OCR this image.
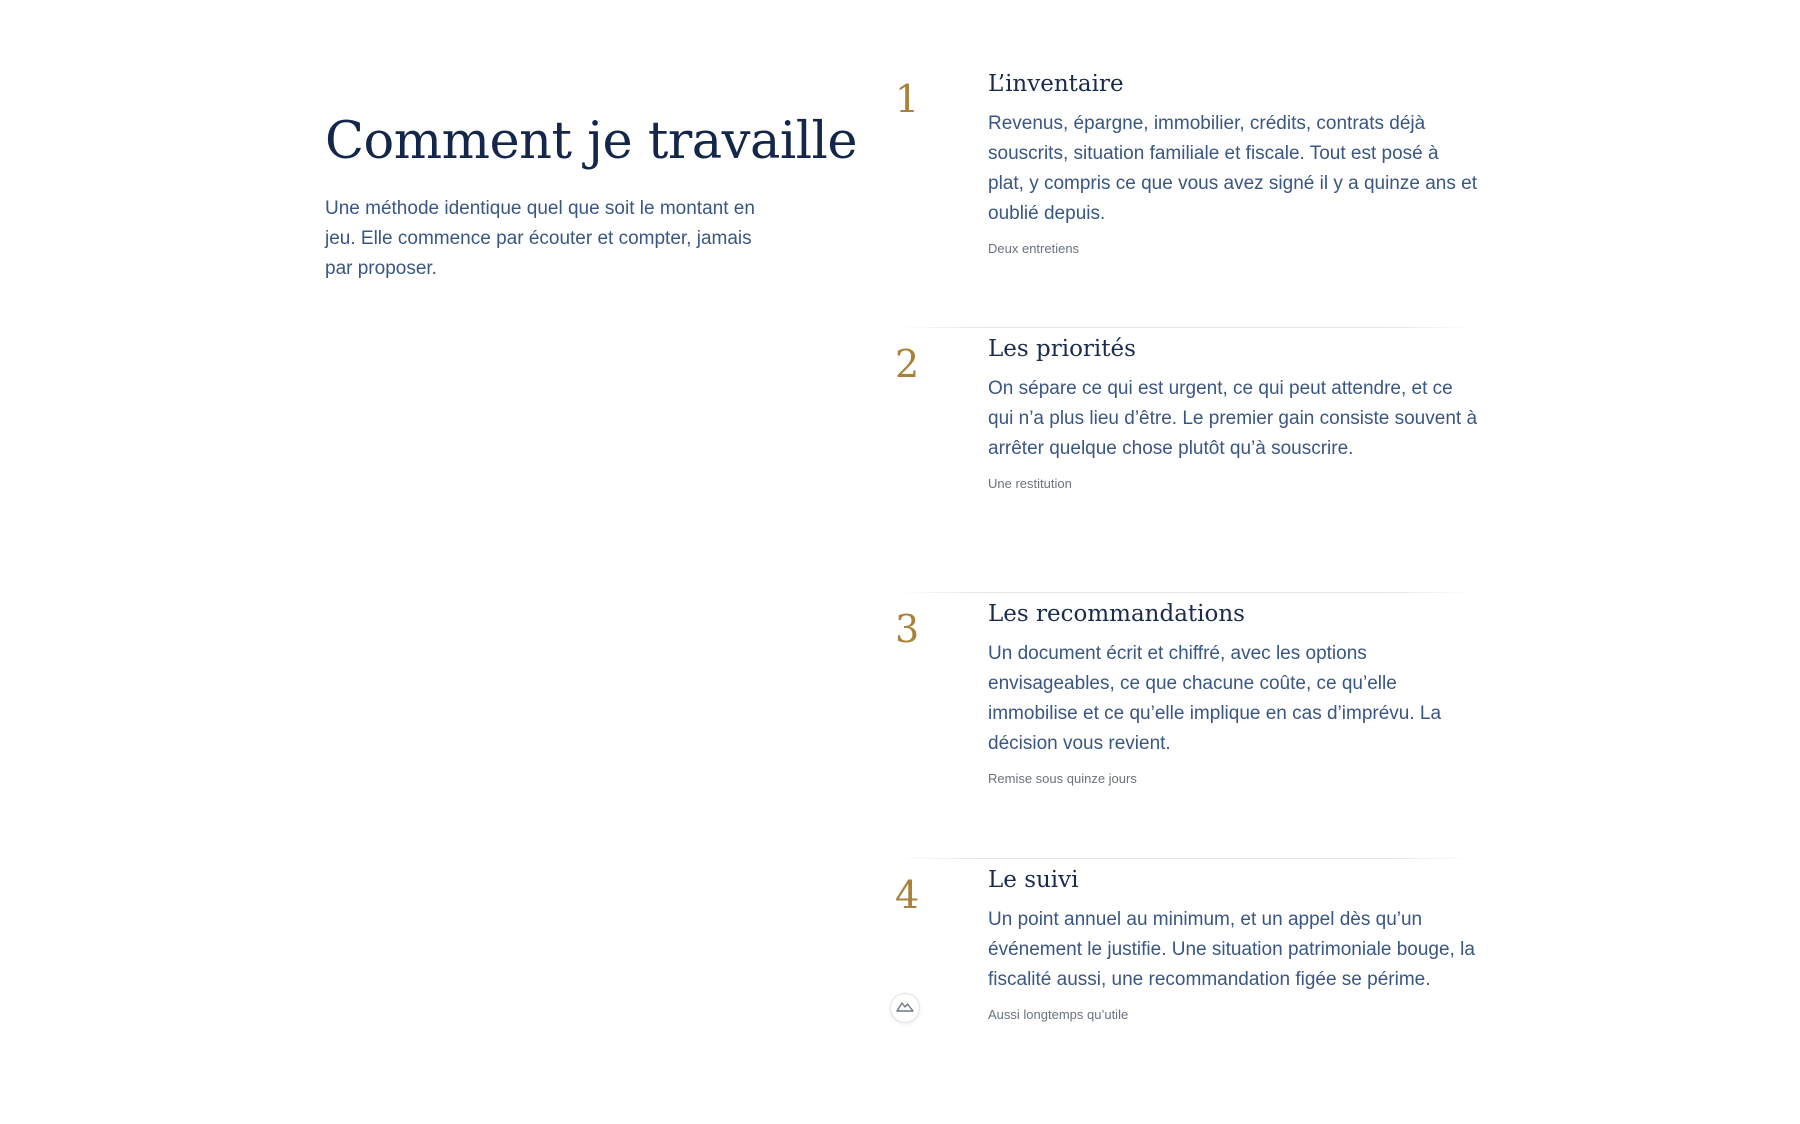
Comment je travaille

Une méthode identique quel que soit le montant en jeu. Elle commence par écouter et compter, jamais par proposer.

1	L’inventaire

Revenus, épargne, immobilier, crédits, contrats déjà souscrits, situation familiale et fiscale. Tout est posé à plat, y compris ce que vous avez signé il y a quinze ans et oublié depuis.

Deux entretiens
2	Les priorités

On sépare ce qui est urgent, ce qui peut attendre, et ce qui n’a plus lieu d’être. Le premier gain consiste souvent à arrêter quelque chose plutôt qu’à souscrire.

Une restitution
3	Les recommandations

Un document écrit et chiffré, avec les options envisageables, ce que chacune coûte, ce qu’elle immobilise et ce qu’elle implique en cas d’imprévu. La décision vous revient.

Remise sous quinze jours
4	Le suivi

Un point annuel au minimum, et un appel dès qu’un événement le justifie. Une situation patrimoniale bouge, la fiscalité aussi, une recommandation figée se périme.

Aussi longtemps qu’utile
